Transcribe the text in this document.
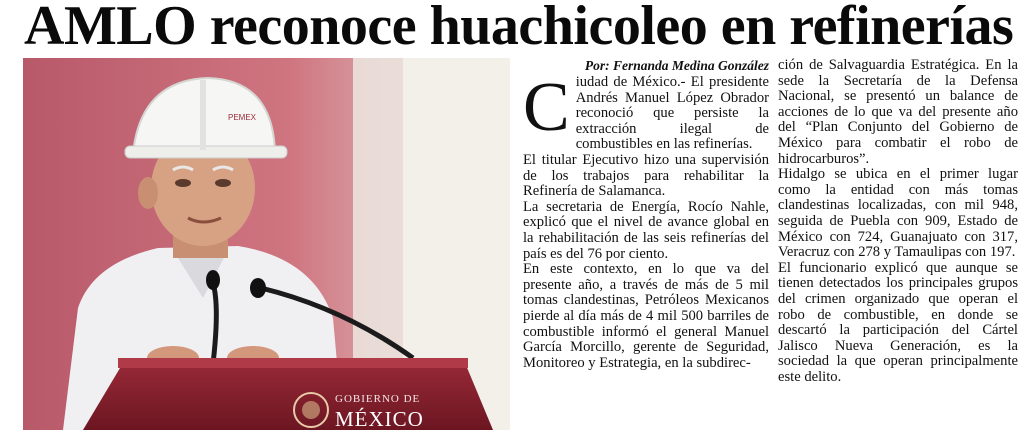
AMLO reconoce huachicoleo en refinerías
PEMEX
GOBIERNO DE
MÉXICO
Por: Fernanda Medina González

Ciudad de México.- El presidente Andrés Manuel López Obrador reconoció que persiste la extracción ilegal de combustibles en las refinerías.

El titular Ejecutivo hizo una supervisión de los trabajos para rehabilitar la Refinería de Salamanca.

La secretaria de Energía, Rocío Nahle, explicó que el nivel de avance global en la rehabilitación de las seis refinerías del país es del 76 por ciento.

En este contexto, en lo que va del presente año, a través de más de 5 mil tomas clandestinas, Petróleos Mexicanos pierde al día más de 4 mil 500 barriles de combustible informó el general Manuel García Morcillo, gerente de Seguridad, Monitoreo y Estrategia, en la subdirec-

ción de Salvaguardia Estratégica. En la sede la Secretaría de la Defensa Nacional, se presentó un balance de acciones de lo que va del presente año del “Plan Conjunto del Gobierno de México para combatir el robo de hidrocarburos”.

Hidalgo se ubica en el primer lugar como la entidad con más tomas clandestinas localizadas, con mil 948, seguida de Puebla con 909, Estado de México con 724, Guanajuato con 317, Veracruz con 278 y Tamaulipas con 197.

El funcionario explicó que aunque se tienen detectados los principales grupos del crimen organizado que operan el robo de combustible, en donde se descartó la participación del Cártel Jalisco Nueva Generación, es la sociedad la que operan principalmente este delito.
